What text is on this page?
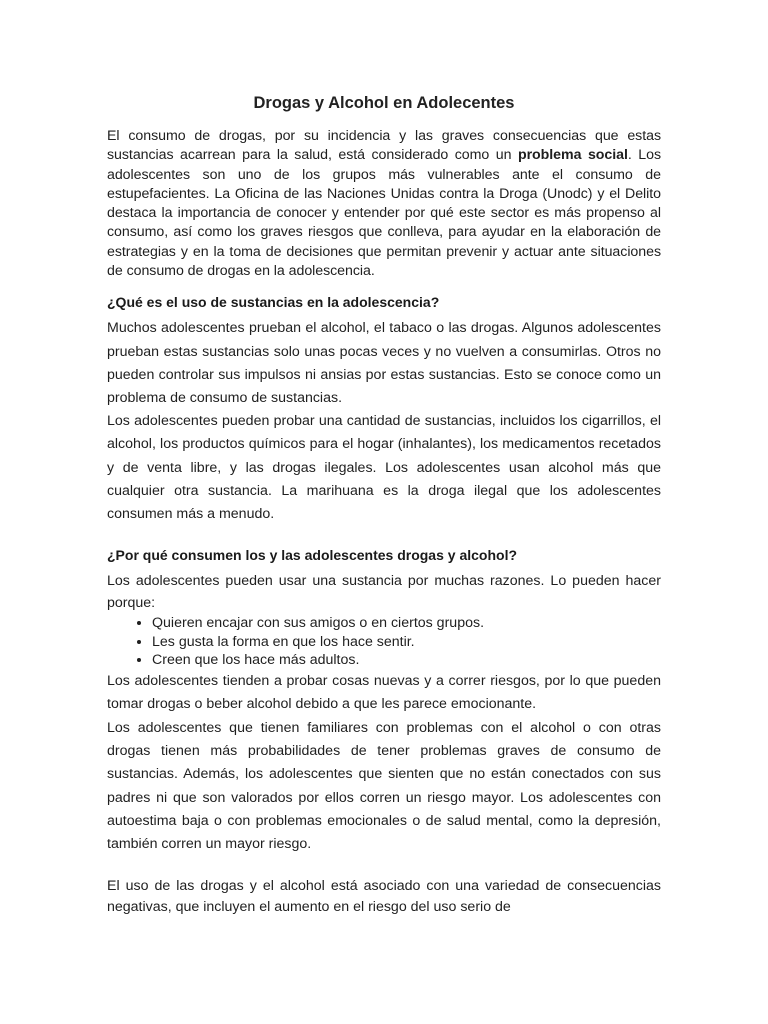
Drogas y Alcohol en Adolecentes

El consumo de drogas, por su incidencia y las graves consecuencias que estas sustancias acarrean para la salud, está considerado como un problema social. Los adolescentes son uno de los grupos más vulnerables ante el consumo de estupefacientes. La Oficina de las Naciones Unidas contra la Droga (Unodc) y el Delito destaca la importancia de conocer y entender por qué este sector es más propenso al consumo, así como los graves riesgos que conlleva, para ayudar en la elaboración de estrategias y en la toma de decisiones que permitan prevenir y actuar ante situaciones de consumo de drogas en la adolescencia.

¿Qué es el uso de sustancias en la adolescencia?

Muchos adolescentes prueban el alcohol, el tabaco o las drogas. Algunos adolescentes prueban estas sustancias solo unas pocas veces y no vuelven a consumirlas. Otros no pueden controlar sus impulsos ni ansias por estas sustancias. Esto se conoce como un problema de consumo de sustancias.

Los adolescentes pueden probar una cantidad de sustancias, incluidos los cigarrillos, el alcohol, los productos químicos para el hogar (inhalantes), los medicamentos recetados y de venta libre, y las drogas ilegales. Los adolescentes usan alcohol más que cualquier otra sustancia. La marihuana es la droga ilegal que los adolescentes consumen más a menudo.

¿Por qué consumen los y las adolescentes drogas y alcohol?

Los adolescentes pueden usar una sustancia por muchas razones. Lo pueden hacer porque:

• Quieren encajar con sus amigos o en ciertos grupos.
• Les gusta la forma en que los hace sentir.
• Creen que los hace más adultos.

Los adolescentes tienden a probar cosas nuevas y a correr riesgos, por lo que pueden tomar drogas o beber alcohol debido a que les parece emocionante.

Los adolescentes que tienen familiares con problemas con el alcohol o con otras drogas tienen más probabilidades de tener problemas graves de consumo de sustancias. Además, los adolescentes que sienten que no están conectados con sus padres ni que son valorados por ellos corren un riesgo mayor. Los adolescentes con autoestima baja o con problemas emocionales o de salud mental, como la depresión, también corren un mayor riesgo.

El uso de las drogas y el alcohol está asociado con una variedad de consecuencias negativas, que incluyen el aumento en el riesgo del uso serio de
